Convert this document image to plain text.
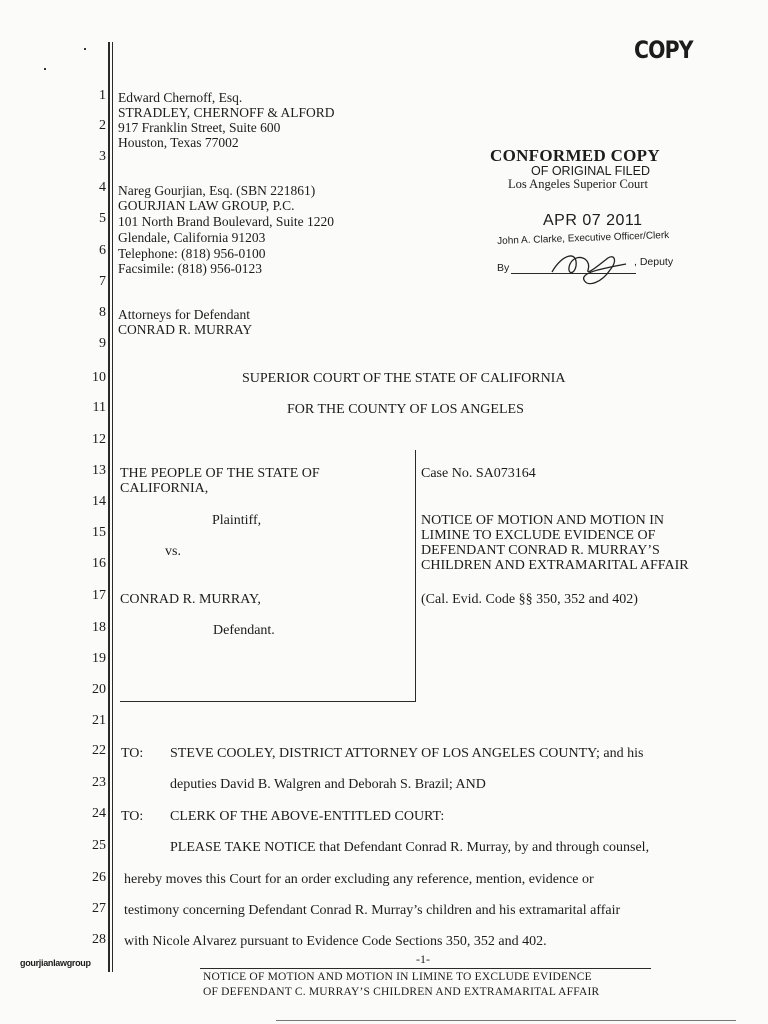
COPY
CONFORMED COPY
OF ORIGINAL FILED
Los Angeles Superior Court
APR 07 2011
John A. Clarke, Executive Officer/Clerk
By	, Deputy
1
2
3
4
5
6
7
8
9
10
11
12
13
14
15
16
17
18
19
20
21
22
23
24
25
26
27
28
Edward Chernoff, Esq.
STRADLEY, CHERNOFF & ALFORD
917 Franklin Street, Suite 600
Houston, Texas 77002
Nareg Gourjian, Esq. (SBN 221861)
GOURJIAN LAW GROUP, P.C.
101 North Brand Boulevard, Suite 1220
Glendale, California 91203
Telephone: (818) 956-0100
Facsimile: (818) 956-0123
Attorneys for Defendant
CONRAD R. MURRAY
SUPERIOR COURT OF THE STATE OF CALIFORNIA
FOR THE COUNTY OF LOS ANGELES
THE PEOPLE OF THE STATE OF
CALIFORNIA,
Plaintiff,
vs.
CONRAD R. MURRAY,
Defendant.
Case No. SA073164
NOTICE OF MOTION AND MOTION IN
LIMINE TO EXCLUDE EVIDENCE OF
DEFENDANT CONRAD R. MURRAY’S
CHILDREN AND EXTRAMARITAL AFFAIR
(Cal. Evid. Code §§ 350, 352 and 402)
TO: STEVE COOLEY, DISTRICT ATTORNEY OF LOS ANGELES COUNTY; and his
deputies David B. Walgren and Deborah S. Brazil; AND
TO: CLERK OF THE ABOVE-ENTITLED COURT:
PLEASE TAKE NOTICE that Defendant Conrad R. Murray, by and through counsel,
hereby moves this Court for an order excluding any reference, mention, evidence or
testimony concerning Defendant Conrad R. Murray’s children and his extramarital affair
with Nicole Alvarez pursuant to Evidence Code Sections 350, 352 and 402.
gourjianlawgroup	-1-
NOTICE OF MOTION AND MOTION IN LIMINE TO EXCLUDE EVIDENCE
OF DEFENDANT C. MURRAY’S CHILDREN AND EXTRAMARITAL AFFAIR
